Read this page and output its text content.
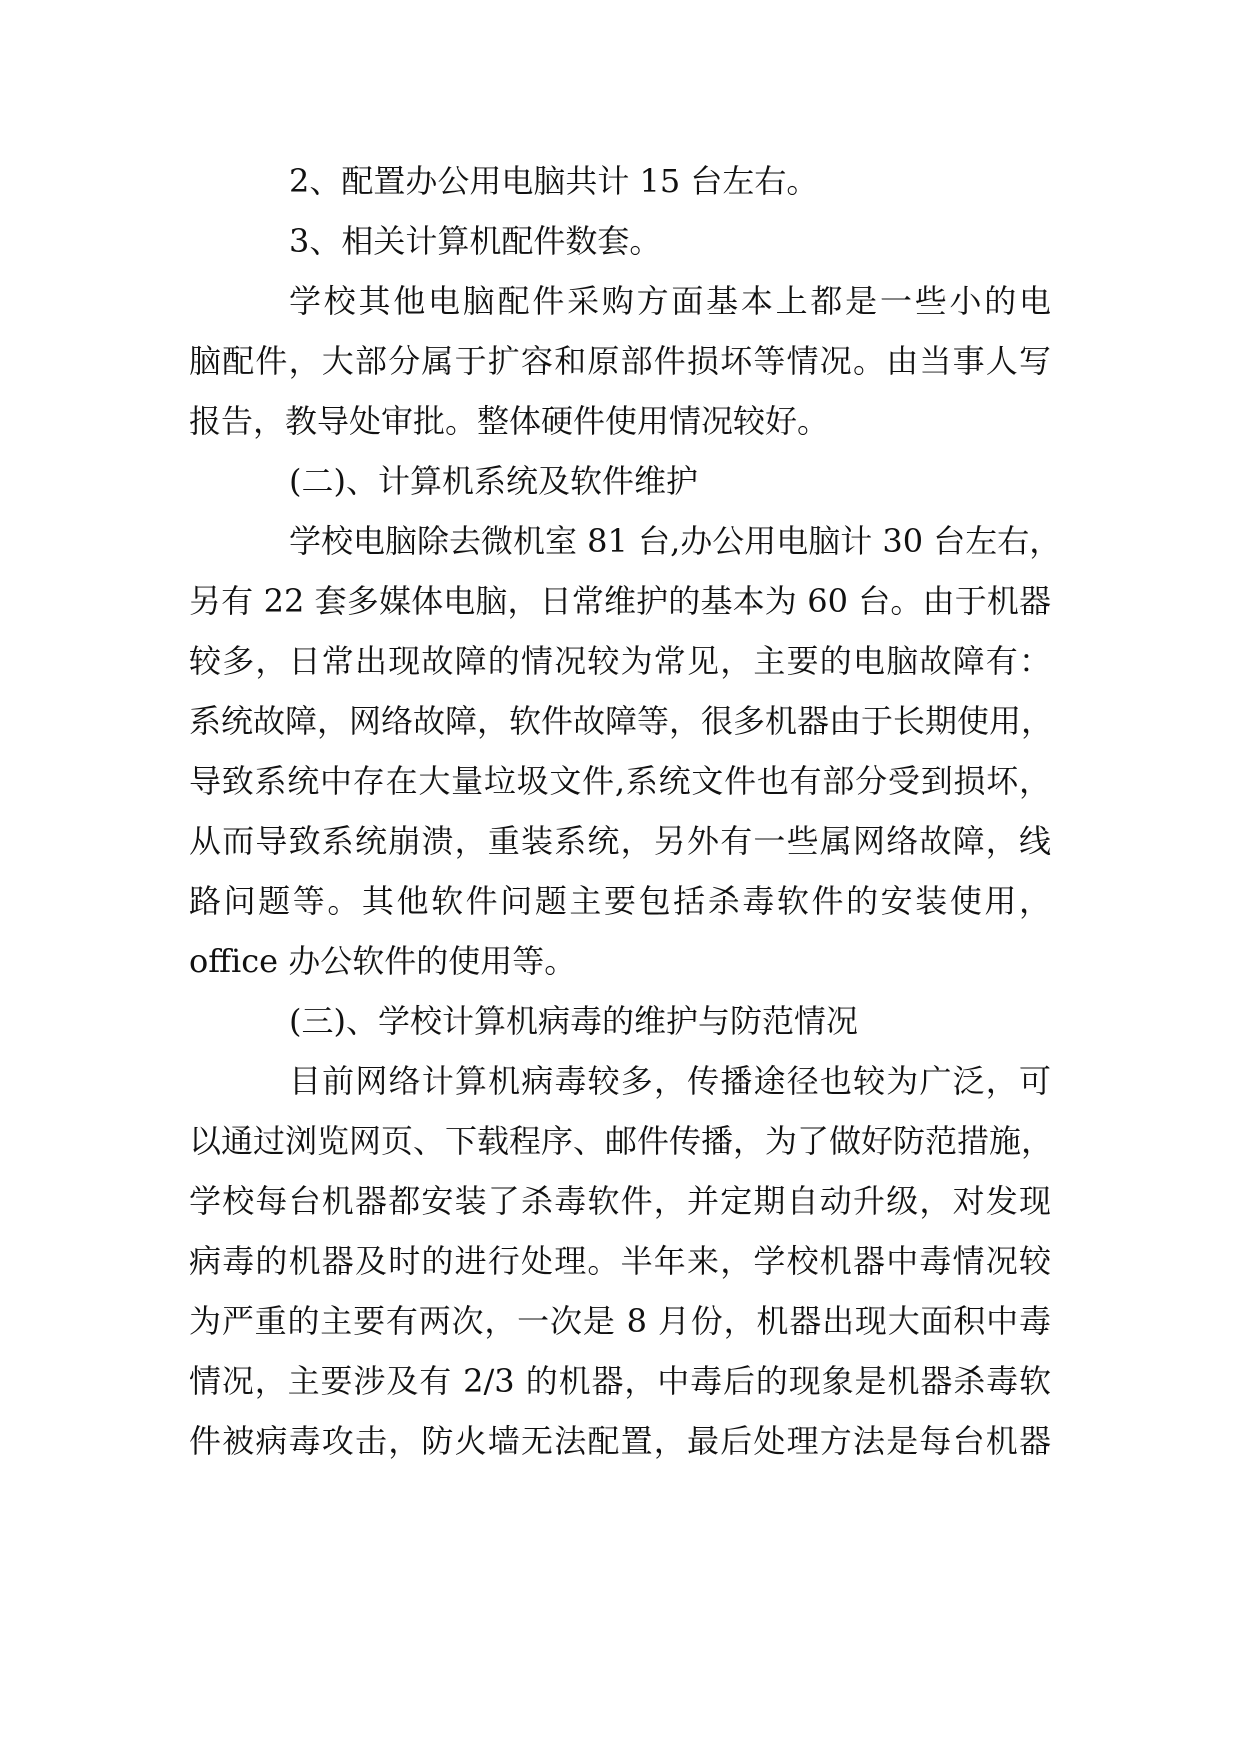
2、配置办公用电脑共计 15 台左右。
3、相关计算机配件数套。
学校其他电脑配件采购方面基本上都是一些小的电
脑配件，大部分属于扩容和原部件损坏等情况。由当事人写
报告，教导处审批。整体硬件使用情况较好。
(二)、计算机系统及软件维护
学校电脑除去微机室 81 台,办公用电脑计 30 台左右，
另有 22 套多媒体电脑，日常维护的基本为 60 台。由于机器
较多，日常出现故障的情况较为常见，主要的电脑故障有：
系统故障，网络故障，软件故障等，很多机器由于长期使用，
导致系统中存在大量垃圾文件,系统文件也有部分受到损坏，
从而导致系统崩溃，重装系统，另外有一些属网络故障，线
路问题等。其他软件问题主要包括杀毒软件的安装使用，
office 办公软件的使用等。
(三)、学校计算机病毒的维护与防范情况
目前网络计算机病毒较多，传播途径也较为广泛，可
以通过浏览网页、下载程序、邮件传播，为了做好防范措施，
学校每台机器都安装了杀毒软件，并定期自动升级，对发现
病毒的机器及时的进行处理。半年来，学校机器中毒情况较
为严重的主要有两次，一次是 8 月份，机器出现大面积中毒
情况，主要涉及有 2/3 的机器，中毒后的现象是机器杀毒软
件被病毒攻击，防火墙无法配置，最后处理方法是每台机器
